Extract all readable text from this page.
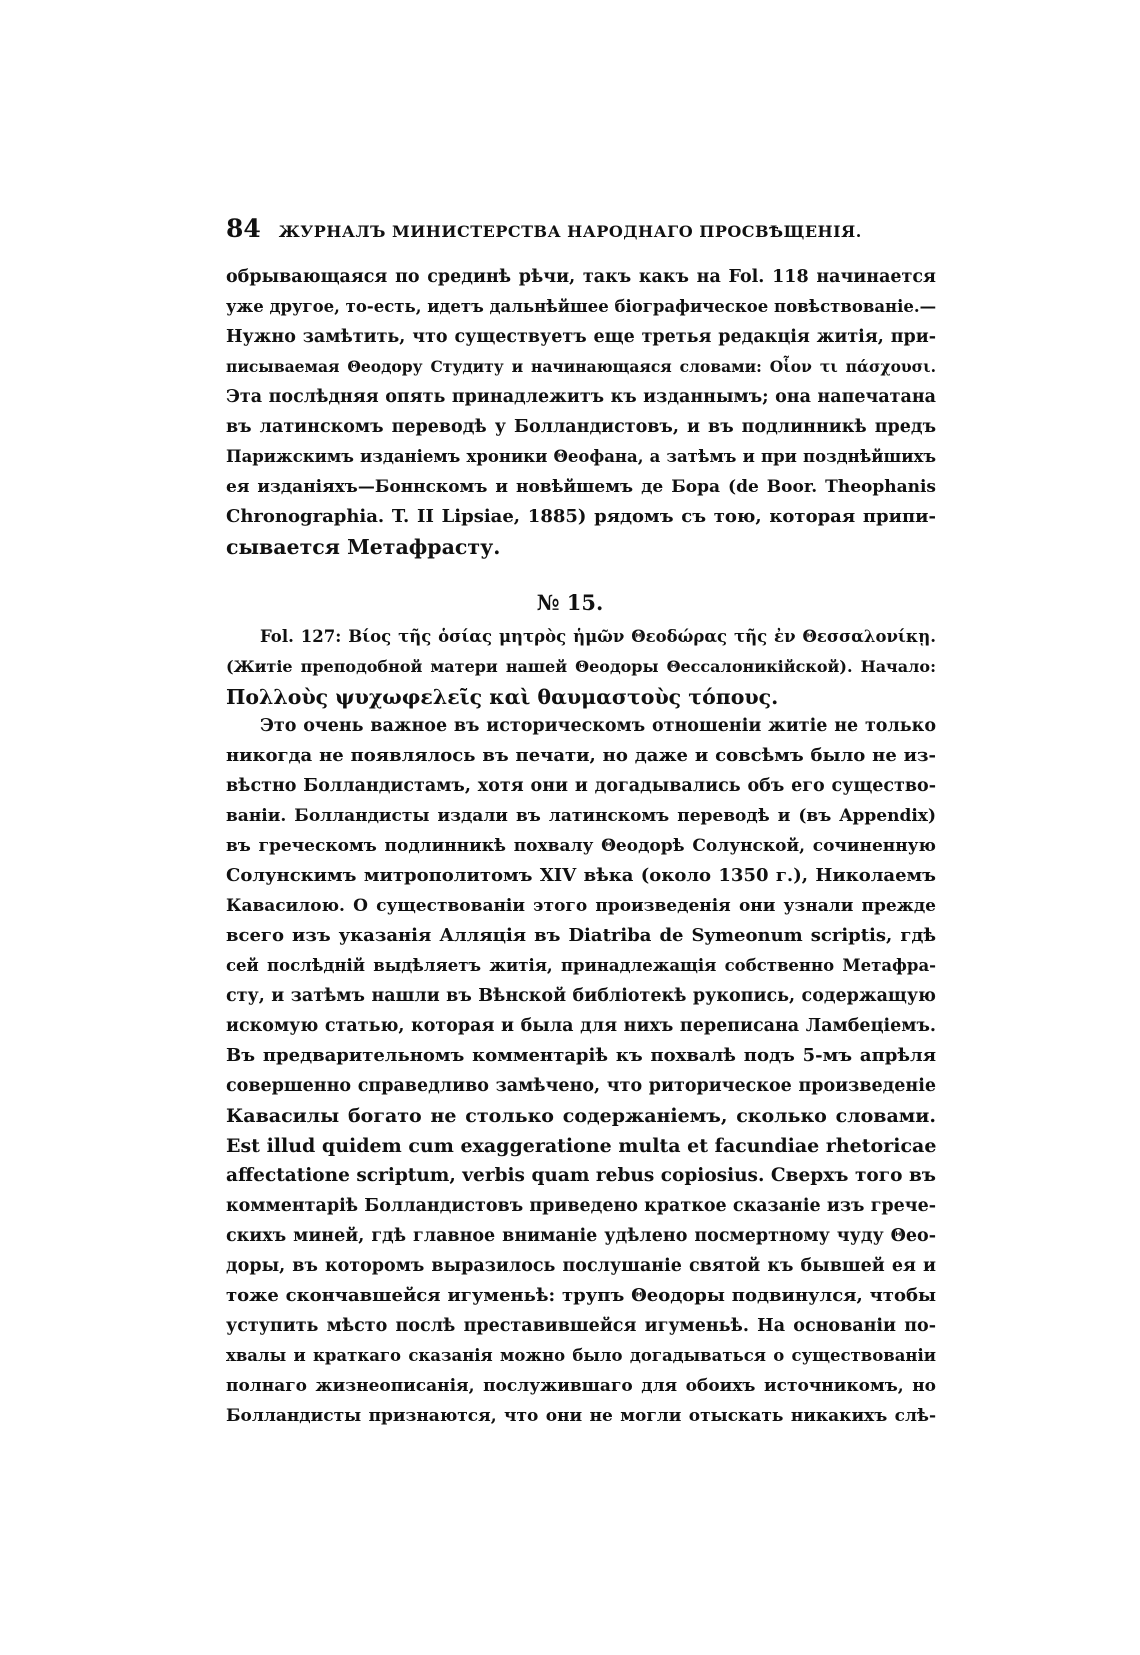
84 ЖУРНАЛЪ МИНИСТЕРСТВА НАРОДНАГО ПРОСВѢЩЕНІЯ.
обрывающаяся по срединѣ рѣчи, такъ какъ на Fol. 118 начинается
уже другое, то-есть, идетъ дальнѣйшее біографическое повѣствованіе.—
Нужно замѣтить, что существуетъ еще третья редакція житія, при-
писываемая Θеодору Студиту и начинающаяся словами: Οἷον τι πάσχουσι.
Эта послѣдняя опять принадлежитъ къ изданнымъ; она напечатана
въ латинскомъ переводѣ у Болландистовъ, и въ подлинникѣ предъ
Парижскимъ изданіемъ хроники Θеофана, а затѣмъ и при позднѣйшихъ
ея изданіяхъ—Боннскомъ и новѣйшемъ де Бора (de Boor. Theophanis
Chronographia. T. II Lipsiae, 1885) рядомъ съ тою, которая припи-
сывается Метафрасту.
№ 15.
Fol. 127: Βίος τῆς ὁσίας μητρὸς ἡμῶν Θεοδώρας τῆς ἐν Θεσσαλονίκῃ.
(Житіе преподобной матери нашей Θеодоры Θессалоникійской). Начало:
Πολλοὺς ψυχωφελεῖς καὶ θαυμαστοὺς τόπους.
Это очень важное въ историческомъ отношеніи житіе не только
никогда не появлялось въ печати, но даже и совсѣмъ было не из-
вѣстно Болландистамъ, хотя они и догадывались объ его существо-
ваніи. Болландисты издали въ латинскомъ переводѣ и (въ Appendix)
въ греческомъ подлинникѣ похвалу Θеодорѣ Солунской, сочиненную
Солунскимъ митрополитомъ XIV вѣка (около 1350 г.), Николаемъ
Кавасилою. О существованіи этого произведенія они узнали прежде
всего изъ указанія Алляція въ Diatriba de Symeonum scriptis, гдѣ
сей послѣдній выдѣляетъ житія, принадлежащія собственно Метафра-
сту, и затѣмъ нашли въ Вѣнской библіотекѣ рукопись, содержащую
искомую статью, которая и была для нихъ переписана Ламбеціемъ.
Въ предварительномъ комментаріѣ къ похвалѣ подъ 5-мъ апрѣля
совершенно справедливо замѣчено, что риторическое произведеніе
Кавасилы богато не столько содержаніемъ, сколько словами.
Est illud quidem cum exaggeratione multa et facundiae rhetoricae
affectatione scriptum, verbis quam rebus copiosius. Сверхъ того въ
комментаріѣ Болландистовъ приведено краткое сказаніе изъ грече-
скихъ миней, гдѣ главное вниманіе удѣлено посмертному чуду Θео-
доры, въ которомъ выразилось послушаніе святой къ бывшей ея и
тоже скончавшейся игуменьѣ: трупъ Θеодоры подвинулся, чтобы
уступить мѣсто послѣ преставившейся игуменьѣ. На основаніи по-
хвалы и краткаго сказанія можно было догадываться о существованіи
полнаго жизнеописанія, послужившаго для обоихъ источникомъ, но
Болландисты признаются, что они не могли отыскать никакихъ слѣ-
